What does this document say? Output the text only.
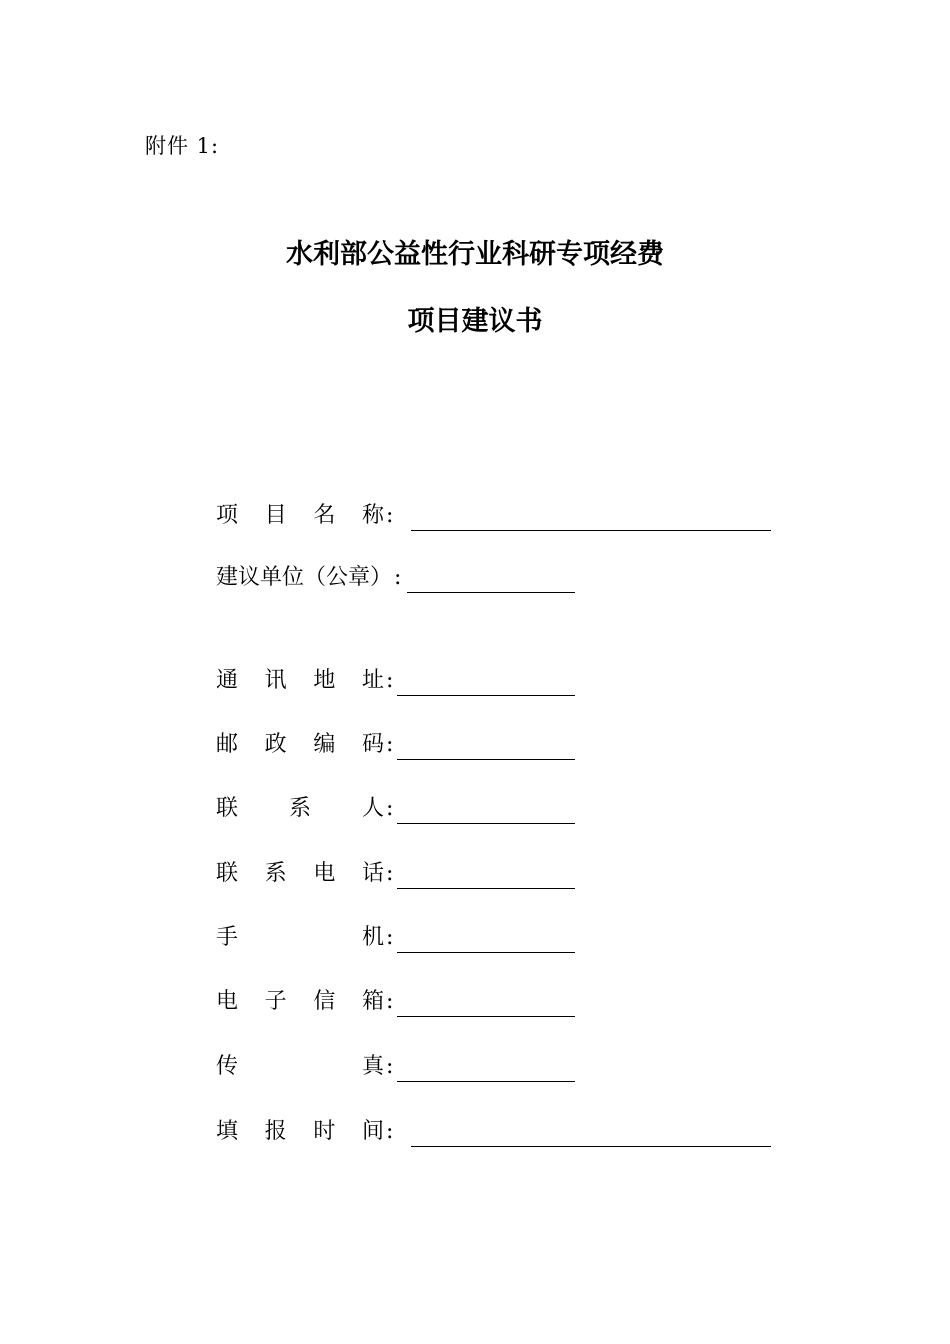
附件 1:
水利部公益性行业科研专项经费
项目建议书
项 目 名 称 :
建议单位（公章） :
通 讯 地 址 :
邮 政 编 码 :
联 系 人 :
联 系 电 话 :
手	机 :
电 子 信 箱 :
传	真 :
填 报 时 间 :
